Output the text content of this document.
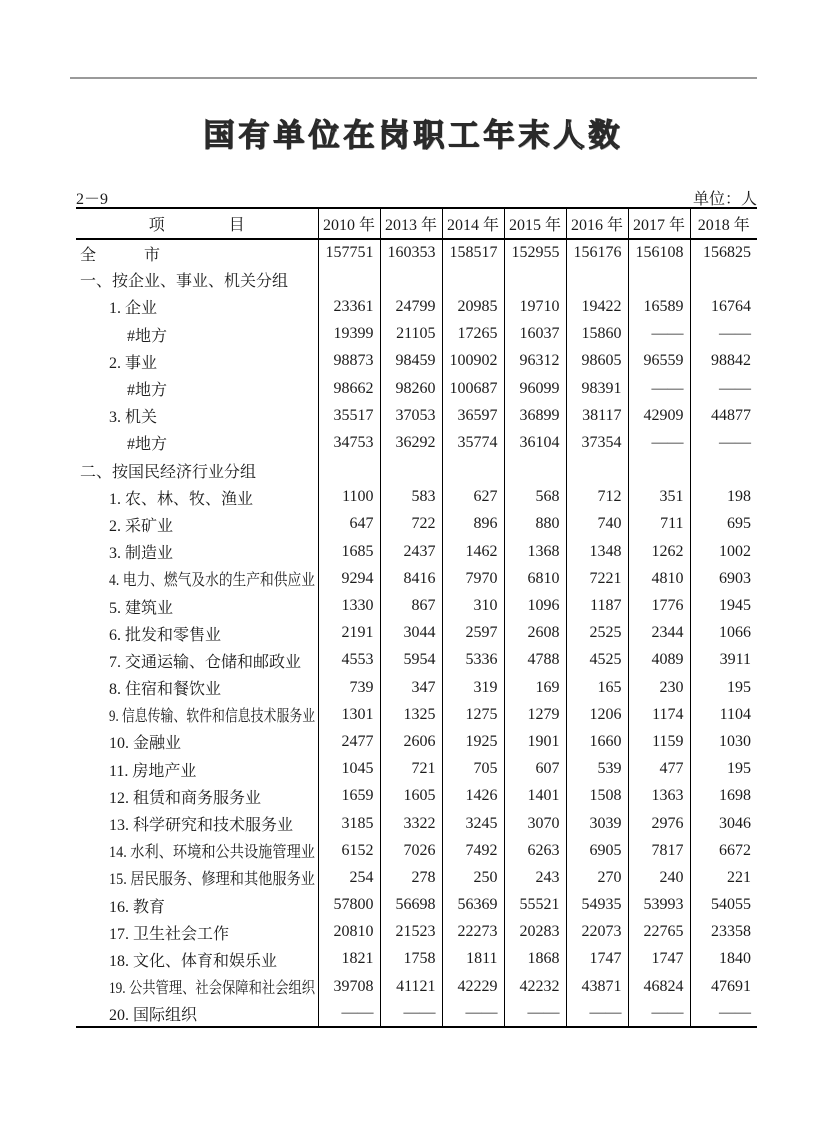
国有单位在岗职工年末人数
2－9	单位：人
项　　　　目	2010 年	2013 年	2014 年	2015 年	2016 年	2017 年	2018 年
全　　　市	157751	160353	158517	152955	156176	156108	156825
一、按企业、事业、机关分组							
1. 企业	23361	24799	20985	19710	19422	16589	16764
#地方	19399	21105	17265	16037	15860	——	——
2. 事业	98873	98459	100902	96312	98605	96559	98842
#地方	98662	98260	100687	96099	98391	——	——
3. 机关	35517	37053	36597	36899	38117	42909	44877
#地方	34753	36292	35774	36104	37354	——	——
二、按国民经济行业分组							
1. 农、林、牧、渔业	1100	583	627	568	712	351	198
2. 采矿业	647	722	896	880	740	711	695
3. 制造业	1685	2437	1462	1368	1348	1262	1002
4. 电力、燃气及水的生产和供应业	9294	8416	7970	6810	7221	4810	6903
5. 建筑业	1330	867	310	1096	1187	1776	1945
6. 批发和零售业	2191	3044	2597	2608	2525	2344	1066
7. 交通运输、仓储和邮政业	4553	5954	5336	4788	4525	4089	3911
8. 住宿和餐饮业	739	347	319	169	165	230	195
9. 信息传输、软件和信息技术服务业	1301	1325	1275	1279	1206	1174	1104
10. 金融业	2477	2606	1925	1901	1660	1159	1030
11. 房地产业	1045	721	705	607	539	477	195
12. 租赁和商务服务业	1659	1605	1426	1401	1508	1363	1698
13. 科学研究和技术服务业	3185	3322	3245	3070	3039	2976	3046
14. 水利、环境和公共设施管理业	6152	7026	7492	6263	6905	7817	6672
15. 居民服务、修理和其他服务业	254	278	250	243	270	240	221
16. 教育	57800	56698	56369	55521	54935	53993	54055
17. 卫生社会工作	20810	21523	22273	20283	22073	22765	23358
18. 文化、体育和娱乐业	1821	1758	1811	1868	1747	1747	1840
19. 公共管理、社会保障和社会组织	39708	41121	42229	42232	43871	46824	47691
20. 国际组织	——	——	——	——	——	——	——
